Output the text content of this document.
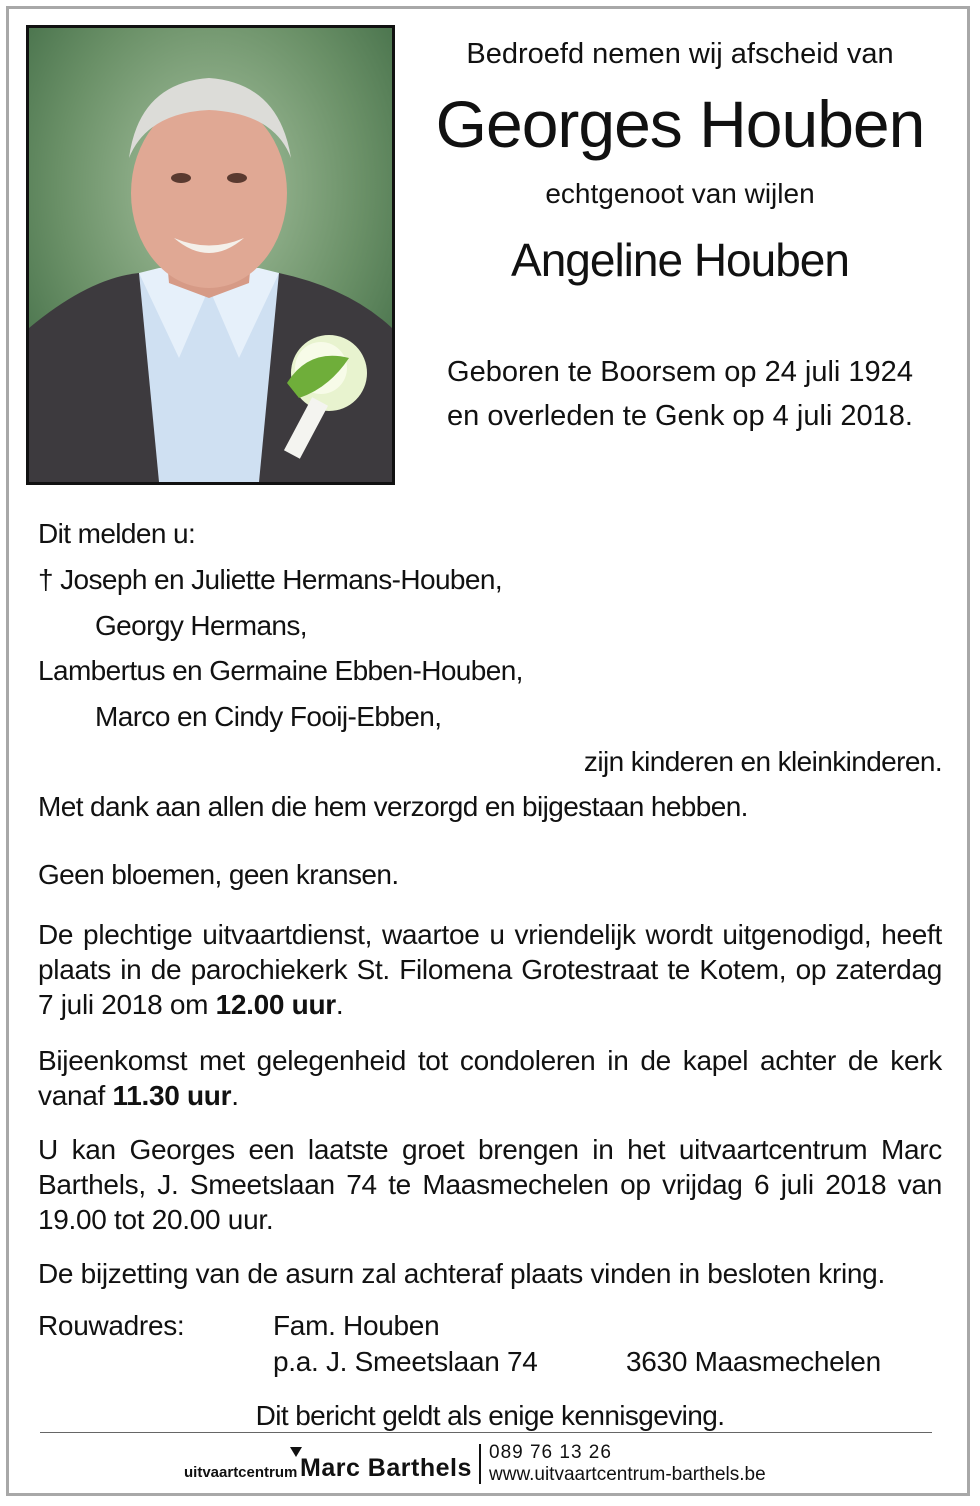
Bedroefd nemen wij afscheid van
Georges Houben
echtgenoot van wijlen
Angeline Houben
Geboren te Boorsem op 24 juli 1924
en overleden te Genk op 4 juli 2018.
Dit melden u:
† Joseph en Juliette Hermans-Houben,
Georgy Hermans,
Lambertus en Germaine Ebben-Houben,
Marco en Cindy Fooij-Ebben,
zijn kinderen en kleinkinderen.
Met dank aan allen die hem verzorgd en bijgestaan hebben.
Geen bloemen, geen kransen.
De plechtige uitvaartdienst, waartoe u vriendelijk wordt uitgenodigd, heeft plaats in de parochiekerk St. Filomena Grotestraat te Kotem, op zaterdag 7 juli 2018 om 12.00 uur.
Bijeenkomst met gelegenheid tot condoleren in de kapel achter de kerk vanaf 11.30 uur.
U kan Georges een laatste groet brengen in het uitvaartcentrum Marc Barthels, J. Smeetslaan 74 te Maasmechelen op vrijdag 6 juli 2018 van 19.00 tot 20.00 uur.
De bijzetting van de asurn zal achteraf plaats vinden in besloten kring.
Rouwadres:	Fam. Houben
p.a. J. Smeetslaan 74	3630 Maasmechelen
Dit bericht geldt als enige kennisgeving.
uitvaartcentrum Marc Barthels
089 76 13 26
www.uitvaartcentrum-barthels.be
